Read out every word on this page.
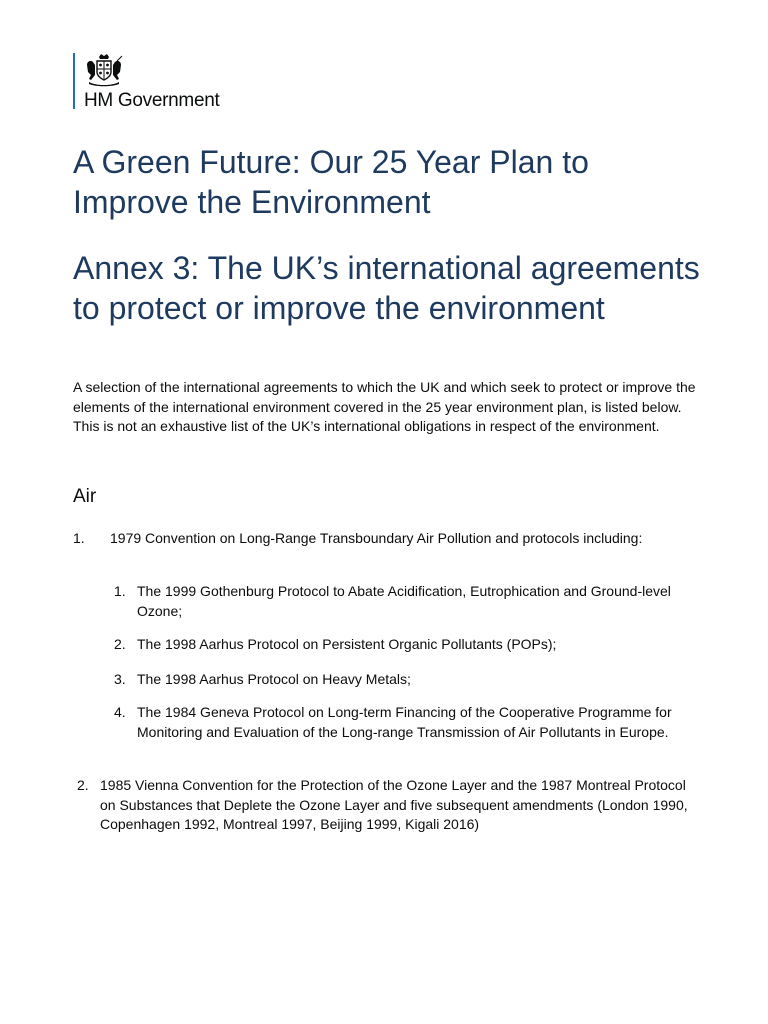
HM Government
A Green Future: Our 25 Year Plan to Improve the Environment
Annex 3: The UK’s international agreements to protect or improve the environment

A selection of the international agreements to which the UK and which seek to protect or improve the elements of the international environment covered in the 25 year environment plan, is listed below. This is not an exhaustive list of the UK’s international obligations in respect of the environment.

Air
1. 1979 Convention on Long-Range Transboundary Air Pollution and protocols including:
1. The 1999 Gothenburg Protocol to Abate Acidification, Eutrophication and Ground-level Ozone;
2. The 1998 Aarhus Protocol on Persistent Organic Pollutants (POPs);
3. The 1998 Aarhus Protocol on Heavy Metals;
4. The 1984 Geneva Protocol on Long-term Financing of the Cooperative Programme for Monitoring and Evaluation of the Long-range Transmission of Air Pollutants in Europe.
2. 1985 Vienna Convention for the Protection of the Ozone Layer and the 1987 Montreal Protocol on Substances that Deplete the Ozone Layer and five subsequent amendments (London 1990, Copenhagen 1992, Montreal 1997, Beijing 1999, Kigali 2016)
